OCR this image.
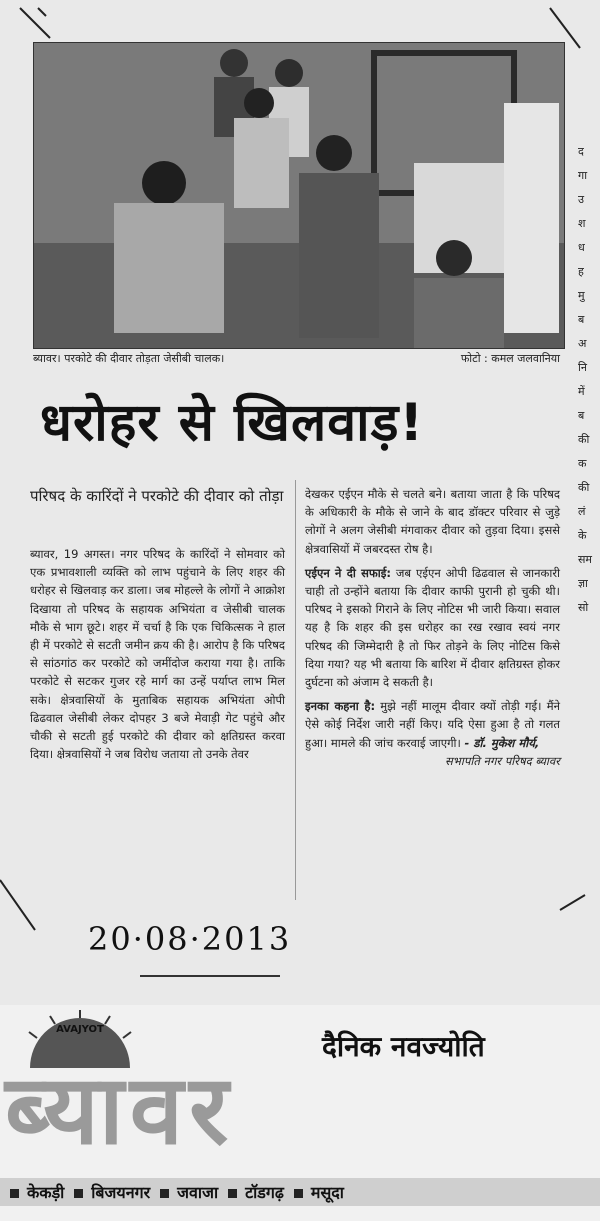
ब्यावर। परकोटे की दीवार तोड़ता जेसीबी चालक।	फोटो : कमल जलवानिया
धरोहर से खिलवाड़!
परिषद के कारिंदों ने परकोटे की दीवार को तोड़ा

ब्यावर, 19 अगस्त। नगर परिषद के कारिंदों ने सोमवार को एक प्रभावशाली व्यक्ति को लाभ पहुंचाने के लिए शहर की धरोहर से खिलवाड़ कर डाला। जब मोहल्ले के लोगों ने आक्रोश दिखाया तो परिषद के सहायक अभियंता व जेसीबी चालक मौके से भाग छूटे। शहर में चर्चा है कि एक चिकित्सक ने हाल ही में परकोटे से सटती जमीन क्रय की है। आरोप है कि परिषद से सांठगांठ कर परकोटे को जमींदोज कराया गया है। ताकि परकोटे से सटकर गुजर रहे मार्ग का उन्हें पर्याप्त लाभ मिल सके। क्षेत्रवासियों के मुताबिक सहायक अभियंता ओपी ढिढवाल जेसीबी लेकर दोपहर 3 बजे मेवाड़ी गेट पहुंचे और चौकी से सटती हुई परकोटे की दीवार को क्षतिग्रस्त करवा दिया। क्षेत्रवासियों ने जब विरोध जताया तो उनके तेवर

देखकर एईएन मौके से चलते बने। बताया जाता है कि परिषद के अधिकारी के मौके से जाने के बाद डॉक्टर परिवार से जुड़े लोगों ने अलग जेसीबी मंगवाकर दीवार को तुड़वा दिया। इससे क्षेत्रवासियों में जबरदस्त रोष है।

एईएन ने दी सफाई: जब एईएन ओपी ढिढवाल से जानकारी चाही तो उन्होंने बताया कि दीवार काफी पुरानी हो चुकी थी। परिषद ने इसको गिराने के लिए नोटिस भी जारी किया। सवाल यह है कि शहर की इस धरोहर का रख रखाव स्वयं नगर परिषद की जिम्मेदारी है तो फिर तोड़ने के लिए नोटिस किसे दिया गया? यह भी बताया कि बारिश में दीवार क्षतिग्रस्त होकर दुर्घटना को अंजाम दे सकती है।

इनका कहना है: मुझे नहीं मालूम दीवार क्यों तोड़ी गई। मैंने ऐसे कोई निर्देश जारी नहीं किए। यदि ऐसा हुआ है तो गलत हुआ। मामले की जांच करवाई जाएगी। - डॉ. मुकेश मौर्य,

सभापति नगर परिषद ब्यावर

द
गा
उ
श
ध
ह
मु
ब
अ
नि
में
ब
की
क
की
लं
के
सम
ज्ञा
सो
20·08·2013
AVAJYOT
दैनिक नवज्योति
ब्यावर
केकड़ी	बिजयनगर	जवाजा	टॉडगढ़	मसूदा
